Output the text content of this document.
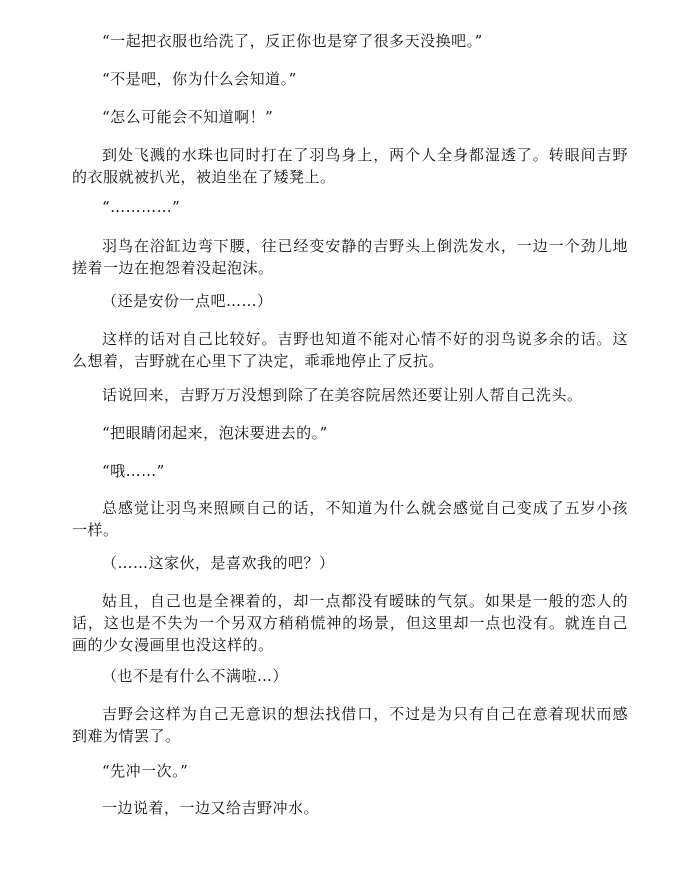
“一起把衣服也给洗了，反正你也是穿了很多天没换吧。”

“不是吧，你为什么会知道。”

“怎么可能会不知道啊！”

到处飞溅的水珠也同时打在了羽鸟身上，两个人全身都湿透了。转眼间吉野的衣服就被扒光，被迫坐在了矮凳上。

“…………”

羽鸟在浴缸边弯下腰，往已经变安静的吉野头上倒洗发水，一边一个劲儿地搓着一边在抱怨着没起泡沫。

（还是安份一点吧……）

这样的话对自己比较好。吉野也知道不能对心情不好的羽鸟说多余的话。这么想着，吉野就在心里下了决定，乖乖地停止了反抗。

话说回来，吉野万万没想到除了在美容院居然还要让别人帮自己洗头。

“把眼睛闭起来，泡沫要进去的。”

“哦……”

总感觉让羽鸟来照顾自己的话，不知道为什么就会感觉自己变成了五岁小孩一样。

（……这家伙，是喜欢我的吧？）

姑且，自己也是全裸着的，却一点都没有暧昧的气氛。如果是一般的恋人的话，这也是不失为一个另双方稍稍慌神的场景，但这里却一点也没有。就连自己画的少女漫画里也没这样的。

（也不是有什么不满啦…）

吉野会这样为自己无意识的想法找借口，不过是为只有自己在意着现状而感到难为情罢了。

“先冲一次。”

一边说着，一边又给吉野冲水。
